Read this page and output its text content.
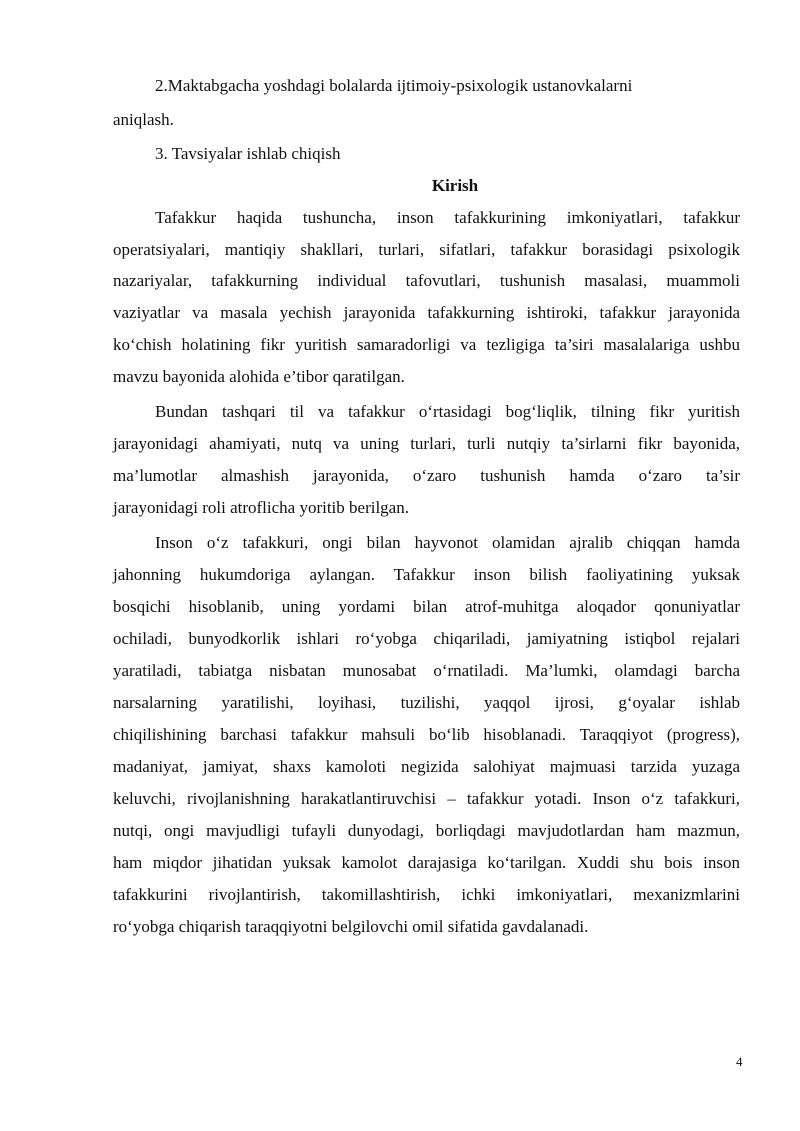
2.Maktabgacha yoshdagi bolalarda ijtimoiy-psixologik ustanovkalarni
aniqlash.
3. Tavsiyalar ishlab chiqish
Kirish
Tafakkur haqida tushuncha, inson tafakkurining imkoniyatlari, tafakkur
operatsiyalari, mantiqiy shakllari, turlari, sifatlari, tafakkur borasidagi psixologik
nazariyalar, tafakkurning individual tafovutlari, tushunish masalasi, muammoli
vaziyatlar va masala yechish jarayonida tafakkurning ishtiroki, tafakkur jarayonida
ko‘chish holatining fikr yuritish samaradorligi va tezligiga ta’siri masalalariga ushbu
mavzu bayonida alohida e’tibor qaratilgan.
Bundan tashqari til va tafakkur o‘rtasidagi bog‘liqlik, tilning fikr yuritish
jarayonidagi ahamiyati, nutq va uning turlari, turli nutqiy ta’sirlarni fikr bayonida,
ma’lumotlar almashish jarayonida, o‘zaro tushunish hamda o‘zaro ta’sir
jarayonidagi roli atroflicha yoritib berilgan.
Inson o‘z tafakkuri, ongi bilan hayvonot olamidan ajralib chiqqan hamda
jahonning hukumdoriga aylangan. Tafakkur inson bilish faoliyatining yuksak
bosqichi hisoblanib, uning yordami bilan atrof-muhitga aloqador qonuniyatlar
ochiladi, bunyodkorlik ishlari ro‘yobga chiqariladi, jamiyatning istiqbol rejalari
yaratiladi, tabiatga nisbatan munosabat o‘rnatiladi. Ma’lumki, olamdagi barcha
narsalarning yaratilishi, loyihasi, tuzilishi, yaqqol ijrosi, g‘oyalar ishlab
chiqilishining barchasi tafakkur mahsuli bo‘lib hisoblanadi. Taraqqiyot (progress),
madaniyat, jamiyat, shaxs kamoloti negizida salohiyat majmuasi tarzida yuzaga
keluvchi, rivojlanishning harakatlantiruvchisi – tafakkur yotadi. Inson o‘z tafakkuri,
nutqi, ongi mavjudligi tufayli dunyodagi, borliqdagi mavjudotlardan ham mazmun,
ham miqdor jihatidan yuksak kamolot darajasiga ko‘tarilgan. Xuddi shu bois inson
tafakkurini rivojlantirish, takomillashtirish, ichki imkoniyatlari, mexanizmlarini
ro‘yobga chiqarish taraqqiyotni belgilovchi omil sifatida gavdalanadi.
4
